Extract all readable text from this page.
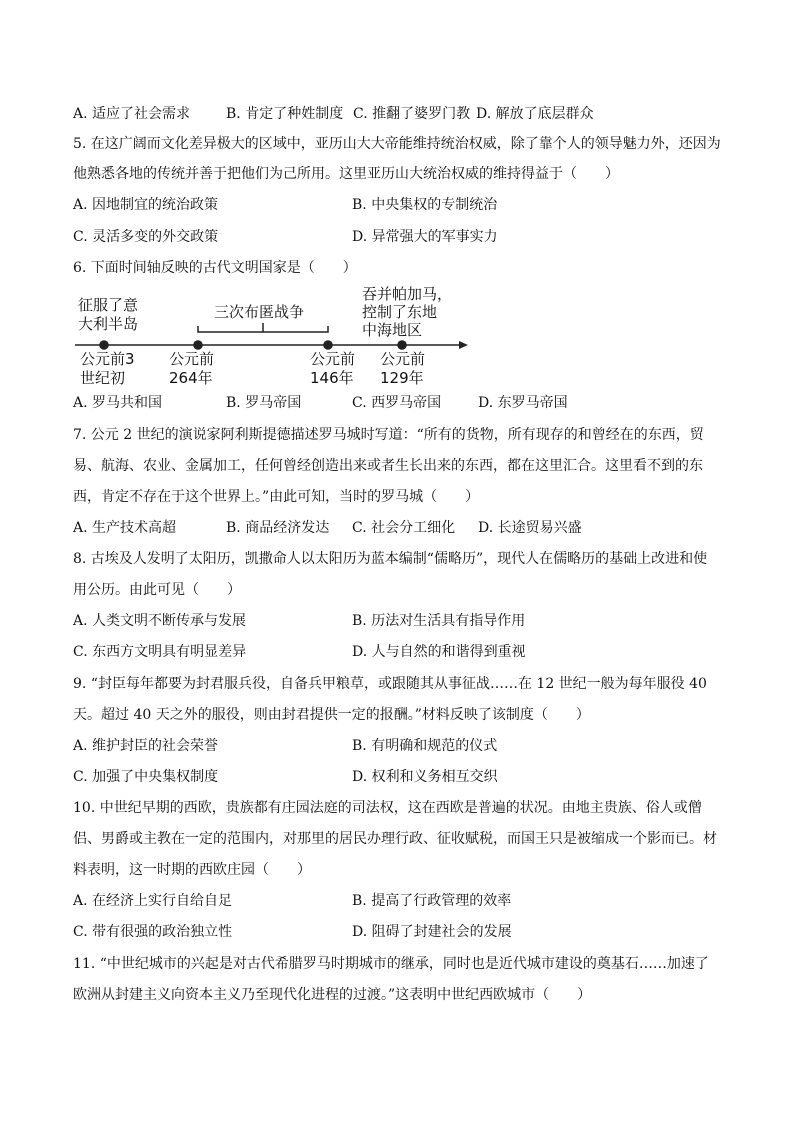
A. 适应了社会需求	B. 肯定了种姓制度 C. 推翻了婆罗门教 D. 解放了底层群众
5. 在这广阔而文化差异极大的区域中，亚历山大大帝能维持统治权威，除了靠个人的领导魅力外，还因为
他熟悉各地的传统并善于把他们为己所用。这里亚历山大统治权威的维持得益于（　　）
A. 因地制宜的统治政策	B. 中央集权的专制统治
C. 灵活多变的外交政策	D. 异常强大的军事实力
6. 下面时间轴反映的古代文明国家是（　　）
征服了意
大利半岛
三次布匿战争
吞并帕加马，
控制了东地
中海地区
公元前3
世纪初
公元前
264年
公元前
146年
公元前
129年
A. 罗马共和国	B. 罗马帝国	C. 西罗马帝国	D. 东罗马帝国
7. 公元 2 世纪的演说家阿利斯提德描述罗马城时写道：“所有的货物，所有现存的和曾经在的东西，贸
易、航海、农业、金属加工，任何曾经创造出来或者生长出来的东西，都在这里汇合。这里看不到的东
西，肯定不存在于这个世界上。”由此可知，当时的罗马城（　　）
A. 生产技术高超	B. 商品经济发达 C. 社会分工细化 D. 长途贸易兴盛
8. 古埃及人发明了太阳历，凯撒命人以太阳历为蓝本编制“儒略历”，现代人在儒略历的基础上改进和使
用公历。由此可见（　　）
A. 人类文明不断传承与发展	B. 历法对生活具有指导作用
C. 东西方文明具有明显差异	D. 人与自然的和谐得到重视
9. “封臣每年都要为封君服兵役，自备兵甲粮草，或跟随其从事征战……在 12 世纪一般为每年服役 40
天。超过 40 天之外的服役，则由封君提供一定的报酬。”材料反映了该制度（　　）
A. 维护封臣的社会荣誉	B. 有明确和规范的仪式
C. 加强了中央集权制度	D. 权利和义务相互交织
10. 中世纪早期的西欧，贵族都有庄园法庭的司法权，这在西欧是普遍的状况。由地主贵族、俗人或僧
侣、男爵或主教在一定的范围内，对那里的居民办理行政、征收赋税，而国王只是被缩成一个影而已。材
料表明，这一时期的西欧庄园（　　）
A. 在经济上实行自给自足	B. 提高了行政管理的效率
C. 带有很强的政治独立性	D. 阻碍了封建社会的发展
11. “中世纪城市的兴起是对古代希腊罗马时期城市的继承，同时也是近代城市建设的奠基石……加速了
欧洲从封建主义向资本主义乃至现代化进程的过渡。”这表明中世纪西欧城市（　　）
